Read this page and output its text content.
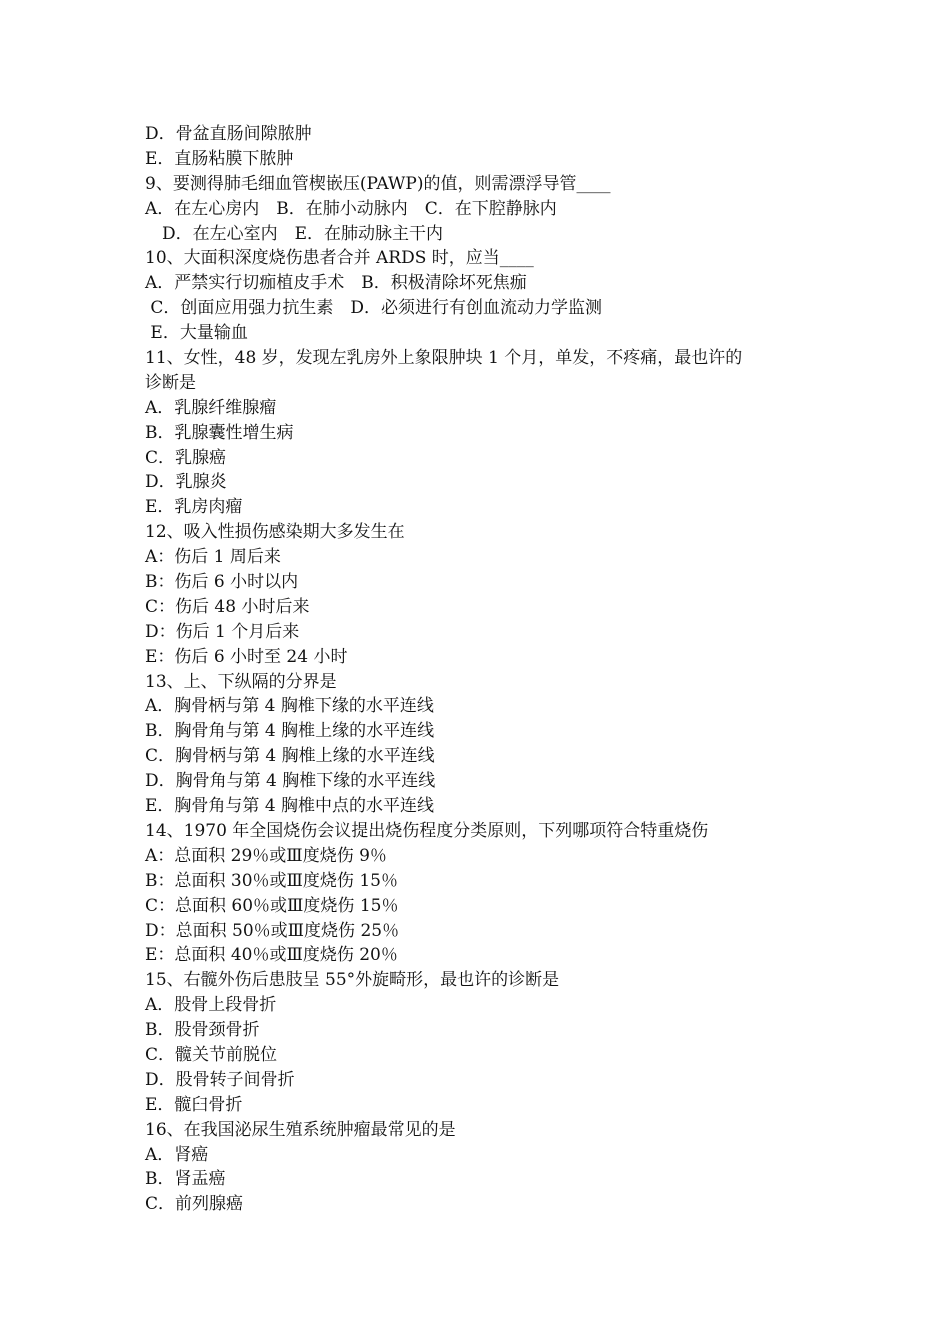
D．骨盆直肠间隙脓肿
E．直肠粘膜下脓肿
9、要测得肺毛细血管楔嵌压(PAWP)的值，则需漂浮导管____
A．在左心房内　B．在肺小动脉内　C．在下腔静脉内
　D．在左心室内　E．在肺动脉主干内
10、大面积深度烧伤患者合并 ARDS 时，应当____
A．严禁实行切痂植皮手术　B．积极清除坏死焦痂
C．创面应用强力抗生素　D．必须进行有创血流动力学监测
E．大量输血
11、女性，48 岁，发现左乳房外上象限肿块 1 个月，单发，不疼痛，最也许的
诊断是
A．乳腺纤维腺瘤
B．乳腺囊性增生病
C．乳腺癌
D．乳腺炎
E．乳房肉瘤
12、吸入性损伤感染期大多发生在
A：伤后 1 周后来
B：伤后 6 小时以内
C：伤后 48 小时后来
D：伤后 1 个月后来
E：伤后 6 小时至 24 小时
13、上、下纵隔的分界是
A．胸骨柄与第 4 胸椎下缘的水平连线
B．胸骨角与第 4 胸椎上缘的水平连线
C．胸骨柄与第 4 胸椎上缘的水平连线
D．胸骨角与第 4 胸椎下缘的水平连线
E．胸骨角与第 4 胸椎中点的水平连线
14、1970 年全国烧伤会议提出烧伤程度分类原则，下列哪项符合特重烧伤
A：总面积 29％或Ⅲ度烧伤 9％
B：总面积 30％或Ⅲ度烧伤 15％
C：总面积 60％或Ⅲ度烧伤 15％
D：总面积 50％或Ⅲ度烧伤 25％
E：总面积 40％或Ⅲ度烧伤 20％
15、右髋外伤后患肢呈 55°外旋畸形，最也许的诊断是
A．股骨上段骨折
B．股骨颈骨折
C．髋关节前脱位
D．股骨转子间骨折
E．髋臼骨折
16、在我国泌尿生殖系统肿瘤最常见的是
A．肾癌
B．肾盂癌
C．前列腺癌
